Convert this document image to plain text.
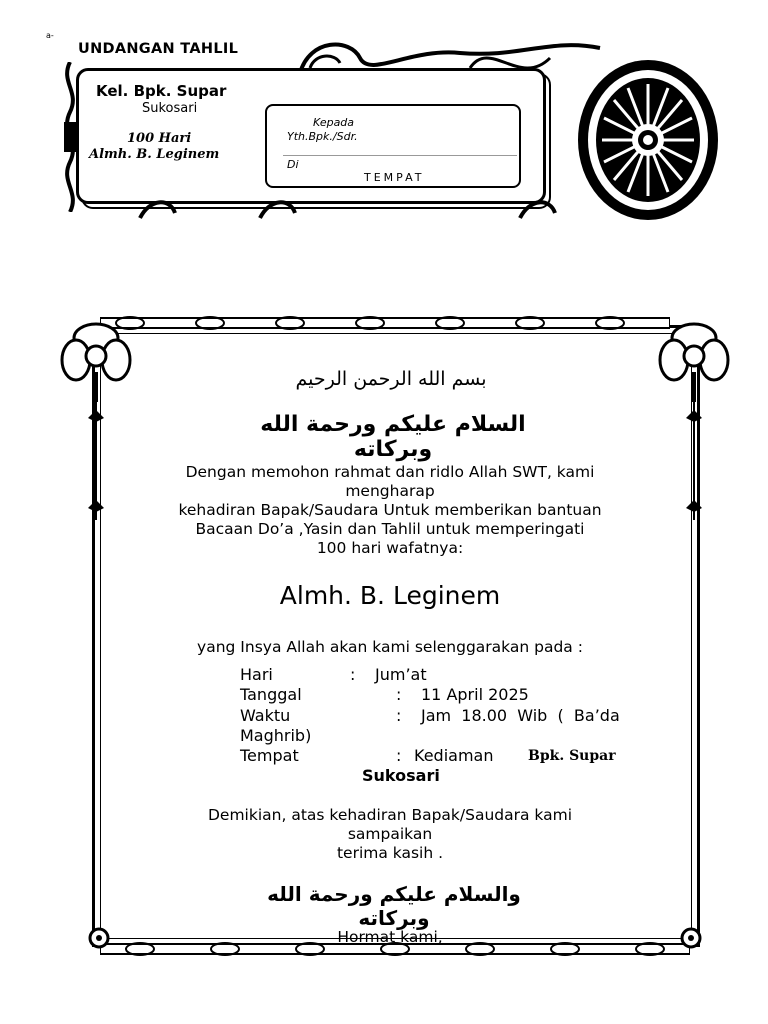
a-
UNDANGAN TAHLIL
Kel. Bpk. Supar
Sukosari
100 Hari
Almh. B. Leginem
Kepada
Yth.Bpk./Sdr.
Di
TEMPAT
بسم الله الرحمن الرحيم
السلام عليكم ورحمة الله وبركاته
Dengan memohon rahmat dan ridlo Allah SWT, kami
mengharap
kehadiran Bapak/Saudara Untuk memberikan bantuan
Bacaan Do’a ,Yasin dan Tahlil untuk memperingati
100 hari wafatnya:
Almh. B. Leginem
yang Insya Allah akan kami selenggarakan pada :
Hari	: Jum’at
Tanggal	: 11 April 2025
Waktu	: Jam  18.00  Wib  (  Ba’da
Maghrib)
Tempat	: Kediaman Bpk. Supar
Sukosari
Demikian, atas kehadiran Bapak/Saudara kami
sampaikan
terima kasih .
والسلام عليكم ورحمة الله وبركاته
Hormat kami,
